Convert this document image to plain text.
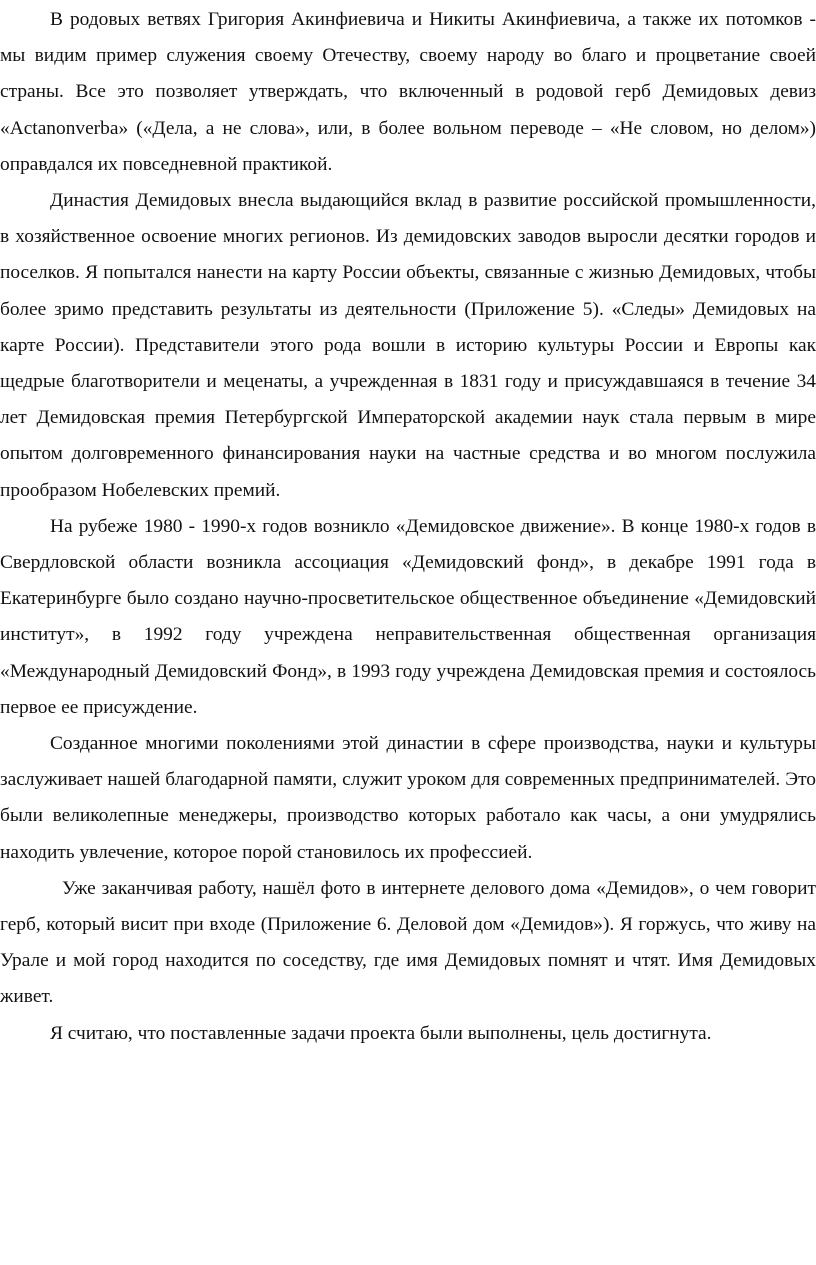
В родовых ветвях Григория Акинфиевича и Никиты Акинфиевича, а также их потомков - мы видим пример служения своему Отечеству, своему народу во благо и процветание своей страны. Все это позволяет утверждать, что включенный в родовой герб Демидовых девиз «Actanonverba» («Дела, а не слова», или, в более вольном переводе – «Не словом, но делом») оправдался их повседневной практикой.

Династия Демидовых внесла выдающийся вклад в развитие российской промышленности, в хозяйственное освоение многих регионов. Из демидовских заводов выросли десятки городов и поселков. Я попытался нанести на карту России объекты, связанные с жизнью Демидовых, чтобы более зримо представить результаты из деятельности (Приложение 5). «Следы» Демидовых на карте России). Представители этого рода вошли в историю культуры России и Европы как щедрые благотворители и меценаты, а учрежденная в 1831 году и присуждавшаяся в течение 34 лет Демидовская премия Петербургской Императорской академии наук стала первым в мире опытом долговременного финансирования науки на частные средства и во многом послужила прообразом Нобелевских премий.

На рубеже 1980 - 1990-х годов возникло «Демидовское движение». В конце 1980-х годов в Свердловской области возникла ассоциация «Демидовский фонд», в декабре 1991 года в Екатеринбурге было создано научно-просветительское общественное объединение «Демидовский институт», в 1992 году учреждена неправительственная общественная организация «Международный Демидовский Фонд», в 1993 году учреждена Демидовская премия и состоялось первое ее присуждение.

Созданное многими поколениями этой династии в сфере производства, науки и культуры заслуживает нашей благодарной памяти, служит уроком для современных предпринимателей. Это были великолепные менеджеры, производство которых работало как часы, а они умудрялись находить увлечение, которое порой становилось их профессией.

Уже заканчивая работу, нашёл фото в интернете делового дома «Демидов», о чем говорит герб, который висит при входе (Приложение 6. Деловой дом «Демидов»). Я горжусь, что живу на Урале и мой город находится по соседству, где имя Демидовых помнят и чтят. Имя Демидовых живет.

Я считаю, что поставленные задачи проекта были выполнены, цель достигнута.
